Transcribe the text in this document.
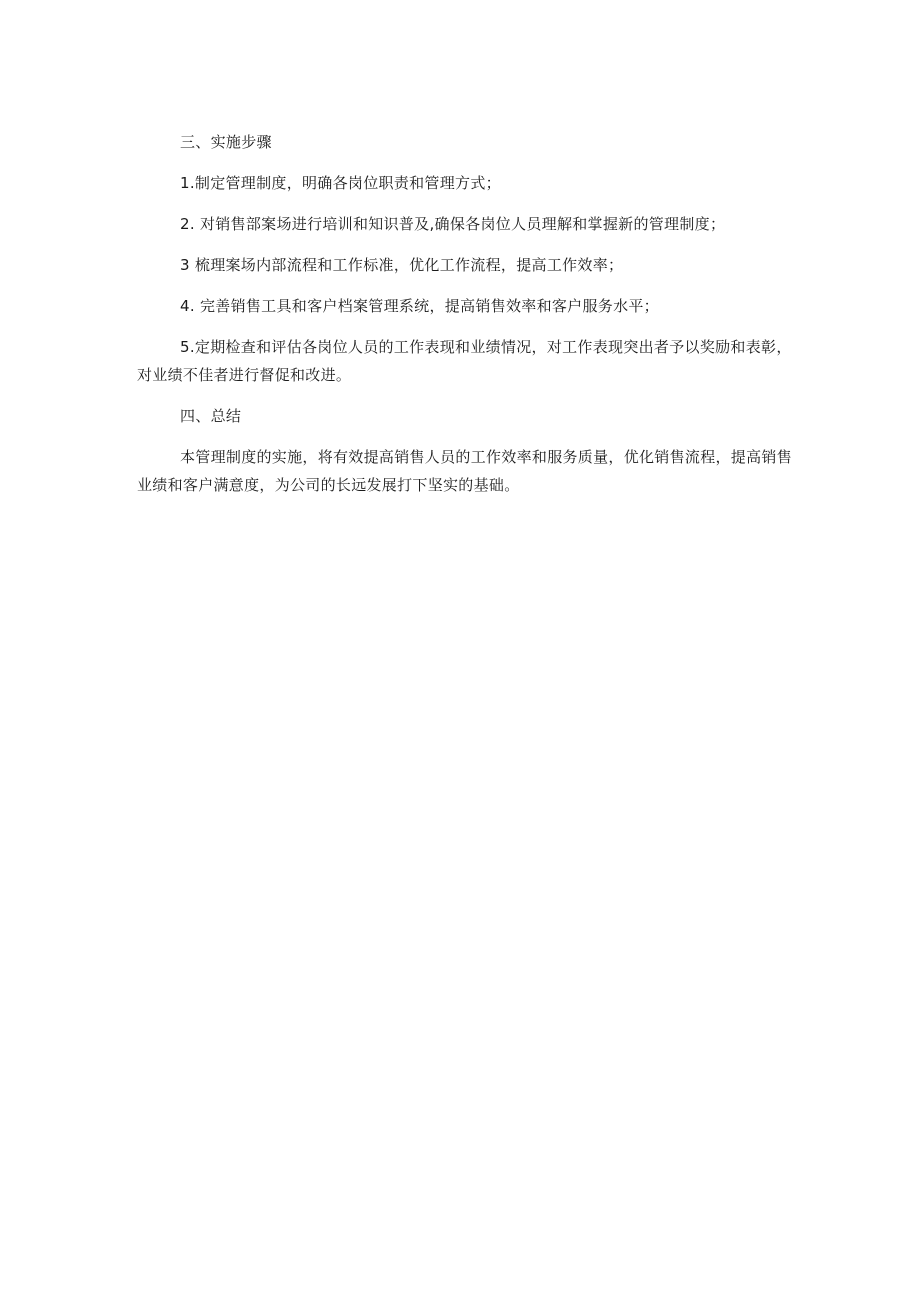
三、实施步骤

1.制定管理制度，明确各岗位职责和管理方式；

2. 对销售部案场进行培训和知识普及,确保各岗位人员理解和掌握新的管理制度；

3 梳理案场内部流程和工作标准，优化工作流程，提高工作效率；

4. 完善销售工具和客户档案管理系统，提高销售效率和客户服务水平；

5.定期检查和评估各岗位人员的工作表现和业绩情况，对工作表现突出者予以奖励和表彰，对业绩不佳者进行督促和改进。

四、总结

本管理制度的实施，将有效提高销售人员的工作效率和服务质量，优化销售流程，提高销售业绩和客户满意度，为公司的长远发展打下坚实的基础。
